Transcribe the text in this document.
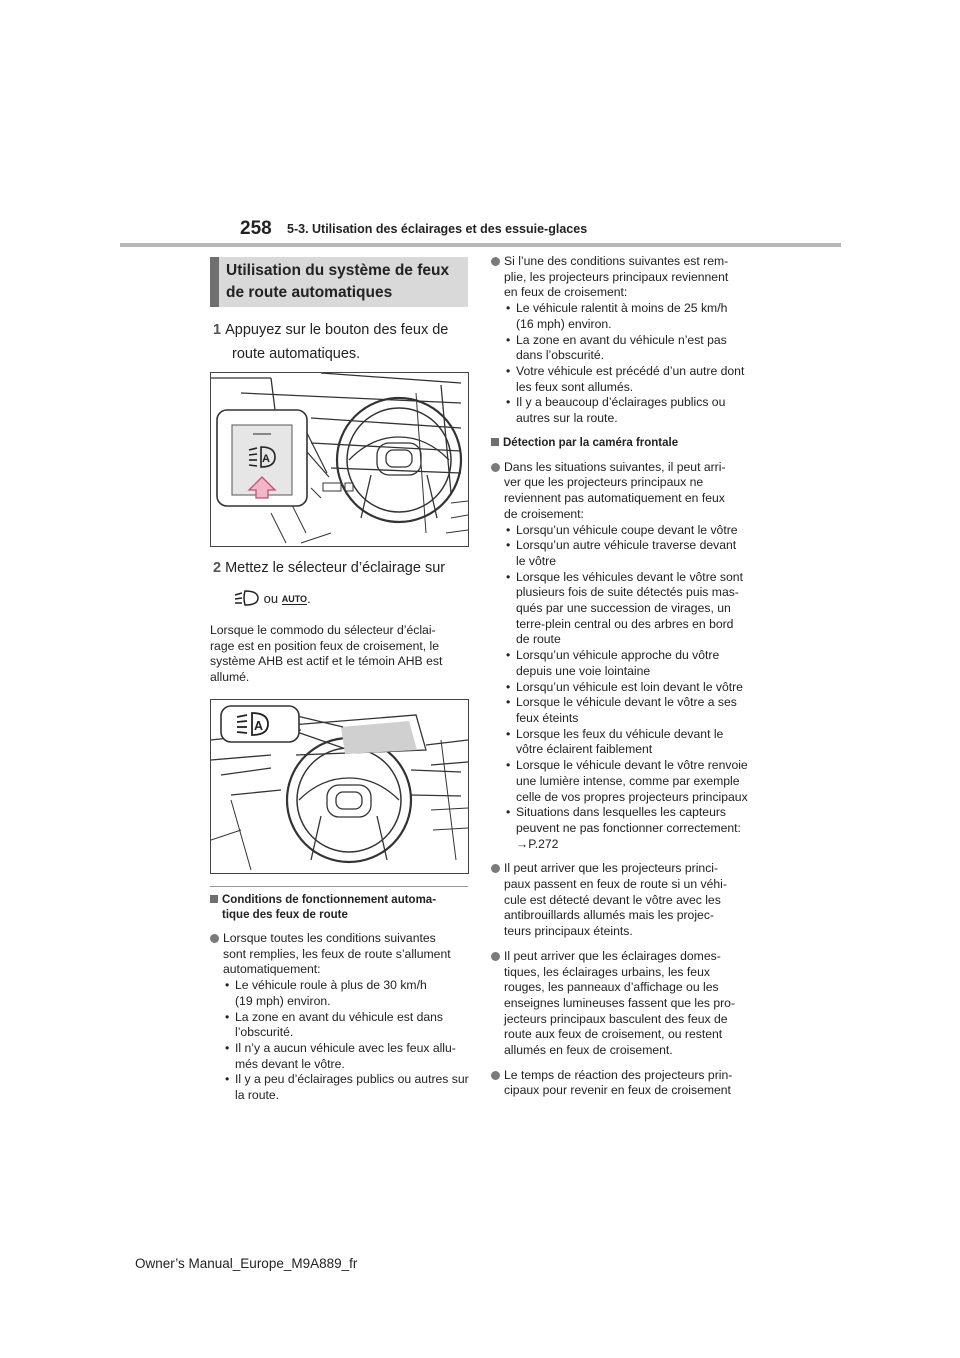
258 5-3. Utilisation des éclairages et des essuie-glaces
Utilisation du système de feux
de route automatiques
1 Appuyez sur le bouton des feux de
route automatiques.
A
2 Mettez le sélecteur d’éclairage sur
ou AUTO.
Lorsque le commodo du sélecteur d’éclai-
rage est en position feux de croisement, le
système AHB est actif et le témoin AHB est
allumé.
A
Conditions de fonctionnement automa-
tique des feux de route
Lorsque toutes les conditions suivantes
sont remplies, les feux de route s’allument
automatiquement:
• Le véhicule roule à plus de 30 km/h
(19 mph) environ.
• La zone en avant du véhicule est dans
l’obscurité.
• Il n’y a aucun véhicule avec les feux allu-
més devant le vôtre.
• Il y a peu d’éclairages publics ou autres sur
la route.
Si l’une des conditions suivantes est rem-
plie, les projecteurs principaux reviennent
en feux de croisement:
• Le véhicule ralentit à moins de 25 km/h
(16 mph) environ.
• La zone en avant du véhicule n’est pas
dans l’obscurité.
• Votre véhicule est précédé d’un autre dont
les feux sont allumés.
• Il y a beaucoup d’éclairages publics ou
autres sur la route.
Détection par la caméra frontale
Dans les situations suivantes, il peut arri-
ver que les projecteurs principaux ne
reviennent pas automatiquement en feux
de croisement:
• Lorsqu’un véhicule coupe devant le vôtre
• Lorsqu’un autre véhicule traverse devant
le vôtre
• Lorsque les véhicules devant le vôtre sont
plusieurs fois de suite détectés puis mas-
qués par une succession de virages, un
terre-plein central ou des arbres en bord
de route
• Lorsqu’un véhicule approche du vôtre
depuis une voie lointaine
• Lorsqu’un véhicule est loin devant le vôtre
• Lorsque le véhicule devant le vôtre a ses
feux éteints
• Lorsque les feux du véhicule devant le
vôtre éclairent faiblement
• Lorsque le véhicule devant le vôtre renvoie
une lumière intense, comme par exemple
celle de vos propres projecteurs principaux
• Situations dans lesquelles les capteurs
peuvent ne pas fonctionner correctement:
→P.272
Il peut arriver que les projecteurs princi-
paux passent en feux de route si un véhi-
cule est détecté devant le vôtre avec les
antibrouillards allumés mais les projec-
teurs principaux éteints.
Il peut arriver que les éclairages domes-
tiques, les éclairages urbains, les feux
rouges, les panneaux d’affichage ou les
enseignes lumineuses fassent que les pro-
jecteurs principaux basculent des feux de
route aux feux de croisement, ou restent
allumés en feux de croisement.
Le temps de réaction des projecteurs prin-
cipaux pour revenir en feux de croisement
Owner’s Manual_Europe_M9A889_fr
